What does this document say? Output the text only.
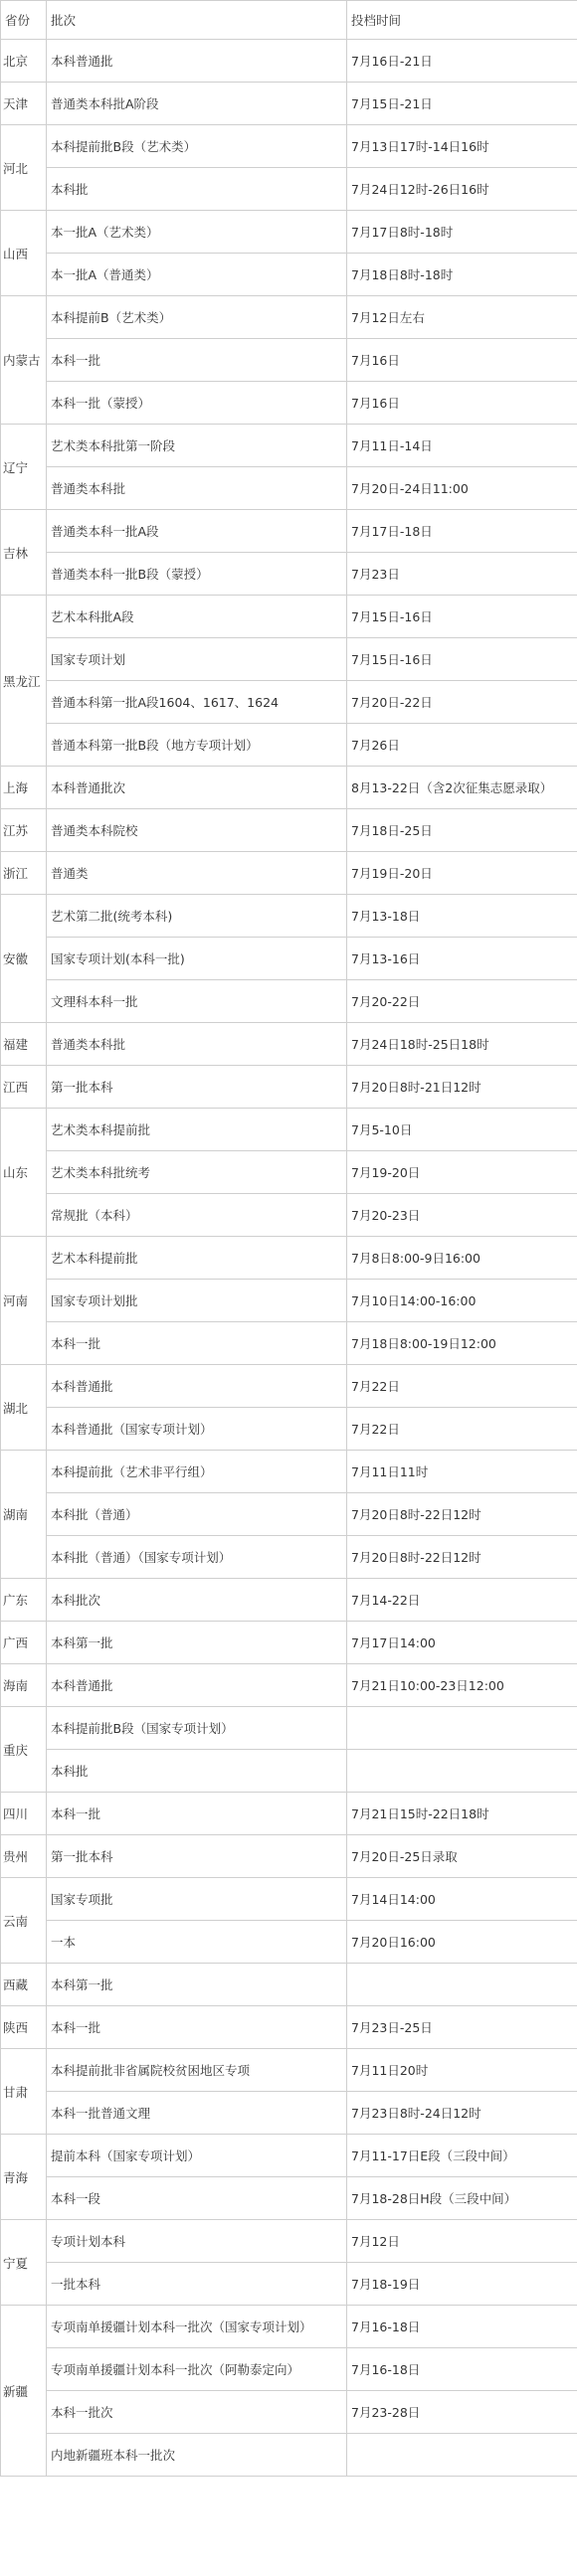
省份	批次	投档时间
北京	本科普通批	7月16日-21日
天津	普通类本科批A阶段	7月15日-21日
河北	本科提前批B段（艺术类）	7月13日17时-14日16时
	本科批	7月24日12时-26日16时
山西	本一批A（艺术类）	7月17日8时-18时
	本一批A（普通类）	7月18日8时-18时
内蒙古	本科提前B（艺术类）	7月12日左右
	本科一批	7月16日
	本科一批（蒙授）	7月16日
辽宁	艺术类本科批第一阶段	7月11日-14日
	普通类本科批	7月20日-24日11:00
吉林	普通类本科一批A段	7月17日-18日
	普通类本科一批B段（蒙授）	7月23日
黑龙江	艺术本科批A段	7月15日-16日
	国家专项计划	7月15日-16日
	普通本科第一批A段1604、1617、1624	7月20日-22日
	普通本科第一批B段（地方专项计划）	7月26日
上海	本科普通批次	8月13-22日（含2次征集志愿录取）
江苏	普通类本科院校	7月18日-25日
浙江	普通类	7月19日-20日
安徽	艺术第二批(统考本科)	7月13-18日
	国家专项计划(本科一批)	7月13-16日
	文理科本科一批	7月20-22日
福建	普通类本科批	7月24日18时-25日18时
江西	第一批本科	7月20日8时-21日12时
山东	艺术类本科提前批	7月5-10日
	艺术类本科批统考	7月19-20日
	常规批（本科）	7月20-23日
河南	艺术本科提前批	7月8日8:00-9日16:00
	国家专项计划批	7月10日14:00-16:00
	本科一批	7月18日8:00-19日12:00
湖北	本科普通批	7月22日
	本科普通批（国家专项计划）	7月22日
湖南	本科提前批（艺术非平行组）	7月11日11时
	本科批（普通）	7月20日8时-22日12时
	本科批（普通）（国家专项计划）	7月20日8时-22日12时
广东	本科批次	7月14-22日
广西	本科第一批	7月17日14:00
海南	本科普通批	7月21日10:00-23日12:00
重庆	本科提前批B段（国家专项计划）	
	本科批	
四川	本科一批	7月21日15时-22日18时
贵州	第一批本科	7月20日-25日录取
云南	国家专项批	7月14日14:00
	一本	7月20日16:00
西藏	本科第一批	
陕西	本科一批	7月23日-25日
甘肃	本科提前批非省属院校贫困地区专项	7月11日20时
	本科一批普通文理	7月23日8时-24日12时
青海	提前本科（国家专项计划）	7月11-17日E段（三段中间）
	本科一段	7月18-28日H段（三段中间）
宁夏	专项计划本科	7月12日
	一批本科	7月18-19日
新疆	专项南单援疆计划本科一批次（国家专项计划）	7月16-18日
	专项南单援疆计划本科一批次（阿勒泰定向）	7月16-18日
	本科一批次	7月23-28日
	内地新疆班本科一批次	
